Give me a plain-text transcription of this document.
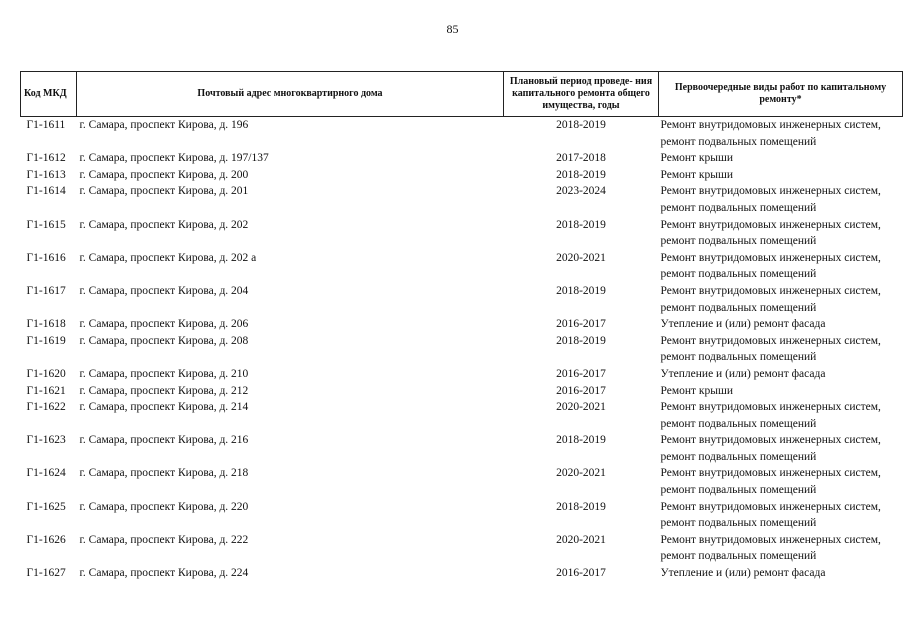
85
Код МКД	Почтовый адрес многоквартирного дома	Плановый период проведе- ния капитального ремонта общего имущества, годы	Первоочередные виды работ по капитальному ремонту*
Г1-1611	г. Самара, проспект Кирова, д. 196	2018-2019	Ремонт внутридомовых инженерных систем,
ремонт подвальных помещений

Г1-1612	г. Самара, проспект Кирова, д. 197/137	2017-2018	Ремонт крыши

Г1-1613	г. Самара, проспект Кирова, д. 200	2018-2019	Ремонт крыши

Г1-1614	г. Самара, проспект Кирова, д. 201	2023-2024	Ремонт внутридомовых инженерных систем,
ремонт подвальных помещений

Г1-1615	г. Самара, проспект Кирова, д. 202	2018-2019	Ремонт внутридомовых инженерных систем,
ремонт подвальных помещений

Г1-1616	г. Самара, проспект Кирова, д. 202 а	2020-2021	Ремонт внутридомовых инженерных систем,
ремонт подвальных помещений

Г1-1617	г. Самара, проспект Кирова, д. 204	2018-2019	Ремонт внутридомовых инженерных систем,
ремонт подвальных помещений

Г1-1618	г. Самара, проспект Кирова, д. 206	2016-2017	Утепление и (или) ремонт фасада

Г1-1619	г. Самара, проспект Кирова, д. 208	2018-2019	Ремонт внутридомовых инженерных систем,
ремонт подвальных помещений

Г1-1620	г. Самара, проспект Кирова, д. 210	2016-2017	Утепление и (или) ремонт фасада

Г1-1621	г. Самара, проспект Кирова, д. 212	2016-2017	Ремонт крыши

Г1-1622	г. Самара, проспект Кирова, д. 214	2020-2021	Ремонт внутридомовых инженерных систем,
ремонт подвальных помещений

Г1-1623	г. Самара, проспект Кирова, д. 216	2018-2019	Ремонт внутридомовых инженерных систем,
ремонт подвальных помещений

Г1-1624	г. Самара, проспект Кирова, д. 218	2020-2021	Ремонт внутридомовых инженерных систем,
ремонт подвальных помещений

Г1-1625	г. Самара, проспект Кирова, д. 220	2018-2019	Ремонт внутридомовых инженерных систем,
ремонт подвальных помещений

Г1-1626	г. Самара, проспект Кирова, д. 222	2020-2021	Ремонт внутридомовых инженерных систем,
ремонт подвальных помещений

Г1-1627	г. Самара, проспект Кирова, д. 224	2016-2017	Утепление и (или) ремонт фасада
